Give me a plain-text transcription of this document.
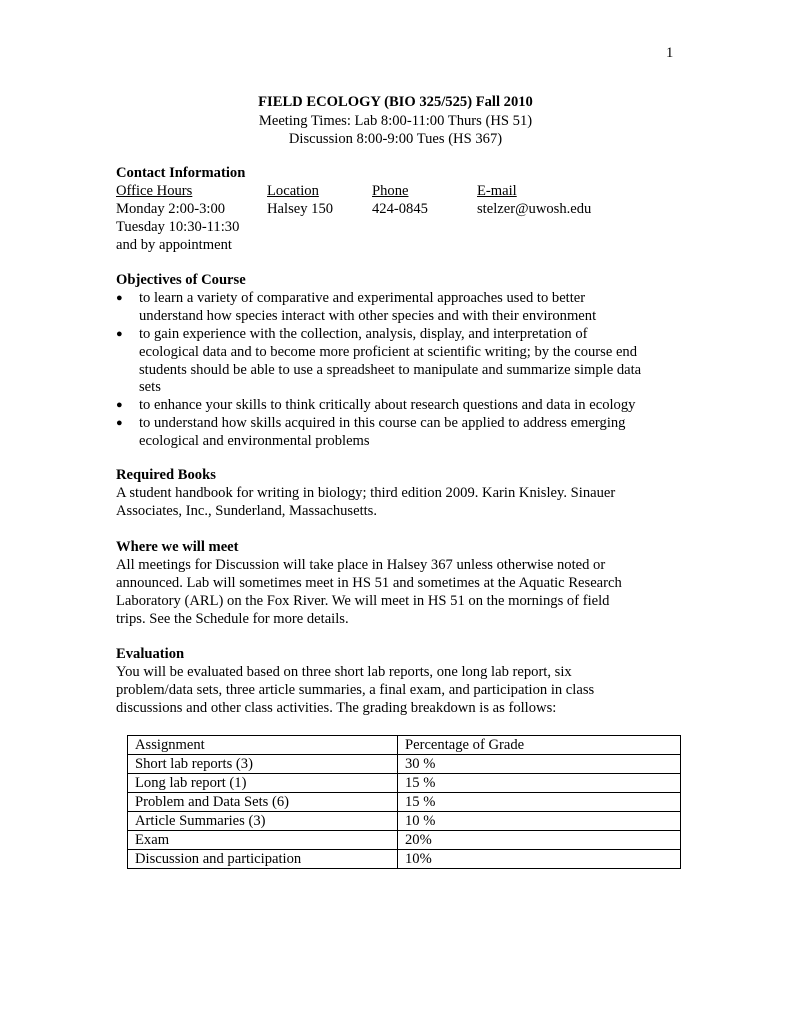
1
FIELD ECOLOGY (BIO 325/525) Fall 2010
Meeting Times: Lab 8:00-11:00 Thurs (HS 51)
Discussion 8:00-9:00 Tues (HS 367)
Contact Information
Office Hours	Location	Phone	E-mail
Monday 2:00-3:00	Halsey 150	424-0845	stelzer@uwosh.edu
Tuesday 10:30-11:30
and by appointment
Objectives of Course
● to learn a variety of comparative and experimental approaches used to better
understand how species interact with other species and with their environment
● to gain experience with the collection, analysis, display, and interpretation of
ecological data and to become more proficient at scientific writing; by the course end
students should be able to use a spreadsheet to manipulate and summarize simple data
sets
● to enhance your skills to think critically about research questions and data in ecology
● to understand how skills acquired in this course can be applied to address emerging
ecological and environmental problems
Required Books
A student handbook for writing in biology; third edition 2009. Karin Knisley. Sinauer
Associates, Inc., Sunderland, Massachusetts.
Where we will meet
All meetings for Discussion will take place in Halsey 367 unless otherwise noted or
announced. Lab will sometimes meet in HS 51 and sometimes at the Aquatic Research
Laboratory (ARL) on the Fox River. We will meet in HS 51 on the mornings of field
trips. See the Schedule for more details.
Evaluation
You will be evaluated based on three short lab reports, one long lab report, six
problem/data sets, three article summaries, a final exam, and participation in class
discussions and other class activities. The grading breakdown is as follows:
Assignment	Percentage of Grade
Short lab reports (3)	30 %
Long lab report (1)	15 %
Problem and Data Sets (6)	15 %
Article Summaries (3)	10 %
Exam	20%
Discussion and participation	10%
